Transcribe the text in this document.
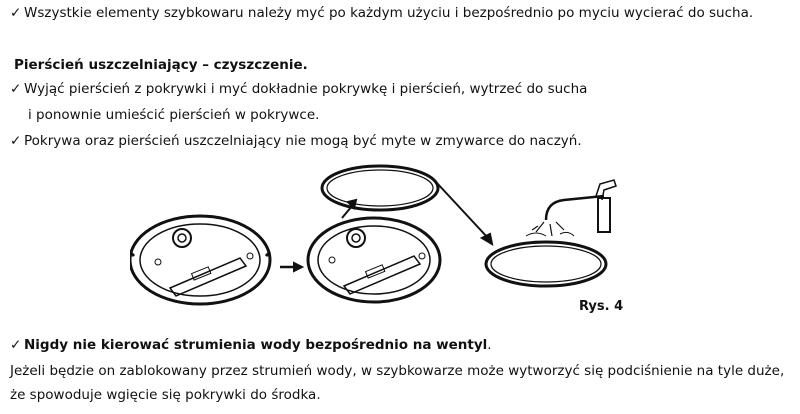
✓ Wszystkie elementy szybkowaru należy myć po każdym użyciu i bezpośrednio po myciu wycierać do sucha.
Pierścień uszczelniający – czyszczenie.
✓ Wyjąć pierścień z pokrywki i myć dokładnie pokrywkę i pierścień, wytrzeć do sucha
i ponownie umieścić pierścień w pokrywce.
✓ Pokrywa oraz pierścień uszczelniający nie mogą być myte w zmywarce do naczyń.
Rys. 4
✓ Nigdy nie kierować strumienia wody bezpośrednio na wentyl.
Jeżeli będzie on zablokowany przez strumień wody, w szybkowarze może wytworzyć się podciśnienie na tyle duże,
że spowoduje wgięcie się pokrywki do środka.
